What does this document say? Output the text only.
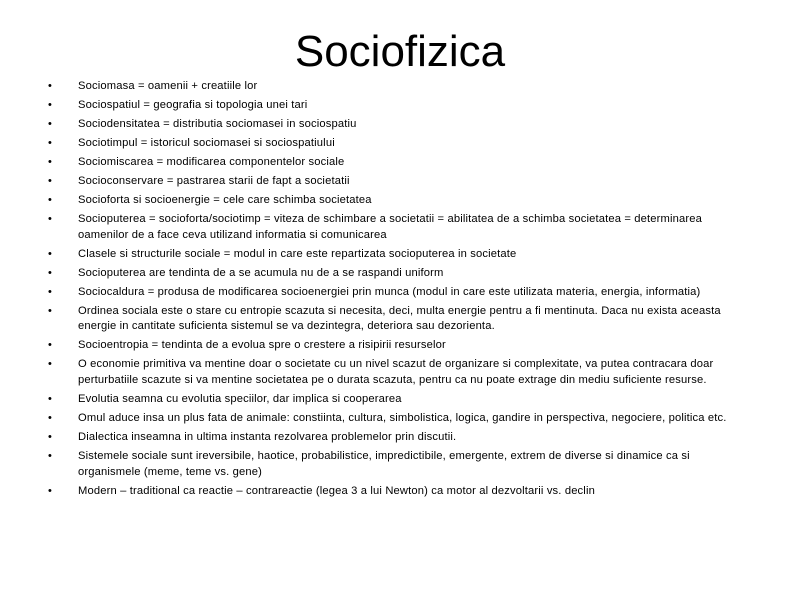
Sociofizica
• Sociomasa = oamenii + creatiile lor
• Sociospatiul = geografia si topologia unei tari
• Sociodensitatea = distributia sociomasei in sociospatiu
• Sociotimpul = istoricul sociomasei si sociospatiului
• Sociomiscarea = modificarea componentelor sociale
• Socioconservare = pastrarea starii de fapt a societatii
• Socioforta si socioenergie = cele care schimba societatea
• Socioputerea = socioforta/sociotimp = viteza de schimbare a societatii = abilitatea de a schimba societatea = determinarea oamenilor de a face ceva utilizand informatia si comunicarea
• Clasele si structurile sociale = modul in care este repartizata socioputerea in societate
• Socioputerea are tendinta de a se acumula nu de a se raspandi uniform
• Sociocaldura = produsa de modificarea socioenergiei prin munca (modul in care este utilizata materia, energia, informatia)
• Ordinea sociala este o stare cu entropie scazuta si necesita, deci, multa energie pentru a fi mentinuta. Daca nu exista aceasta energie in cantitate suficienta sistemul se va dezintegra, deteriora sau dezorienta.
• Socioentropia = tendinta de a evolua spre o crestere a risipirii resurselor
• O economie primitiva va mentine doar o societate cu un nivel scazut de organizare si complexitate, va putea contracara doar perturbatiile scazute si va mentine societatea pe o durata scazuta, pentru ca nu poate extrage din mediu suficiente resurse.
• Evolutia seamna cu evolutia speciilor, dar implica si cooperarea
• Omul aduce insa un plus fata de animale: constiinta, cultura, simbolistica, logica, gandire in perspectiva, negociere, politica etc.
• Dialectica inseamna in ultima instanta rezolvarea problemelor prin discutii.
• Sistemele sociale sunt ireversibile, haotice, probabilistice, impredictibile, emergente, extrem de diverse si dinamice ca si organismele (meme, teme vs. gene)
• Modern – traditional ca reactie – contrareactie (legea 3 a lui Newton) ca motor al dezvoltarii vs. declin
